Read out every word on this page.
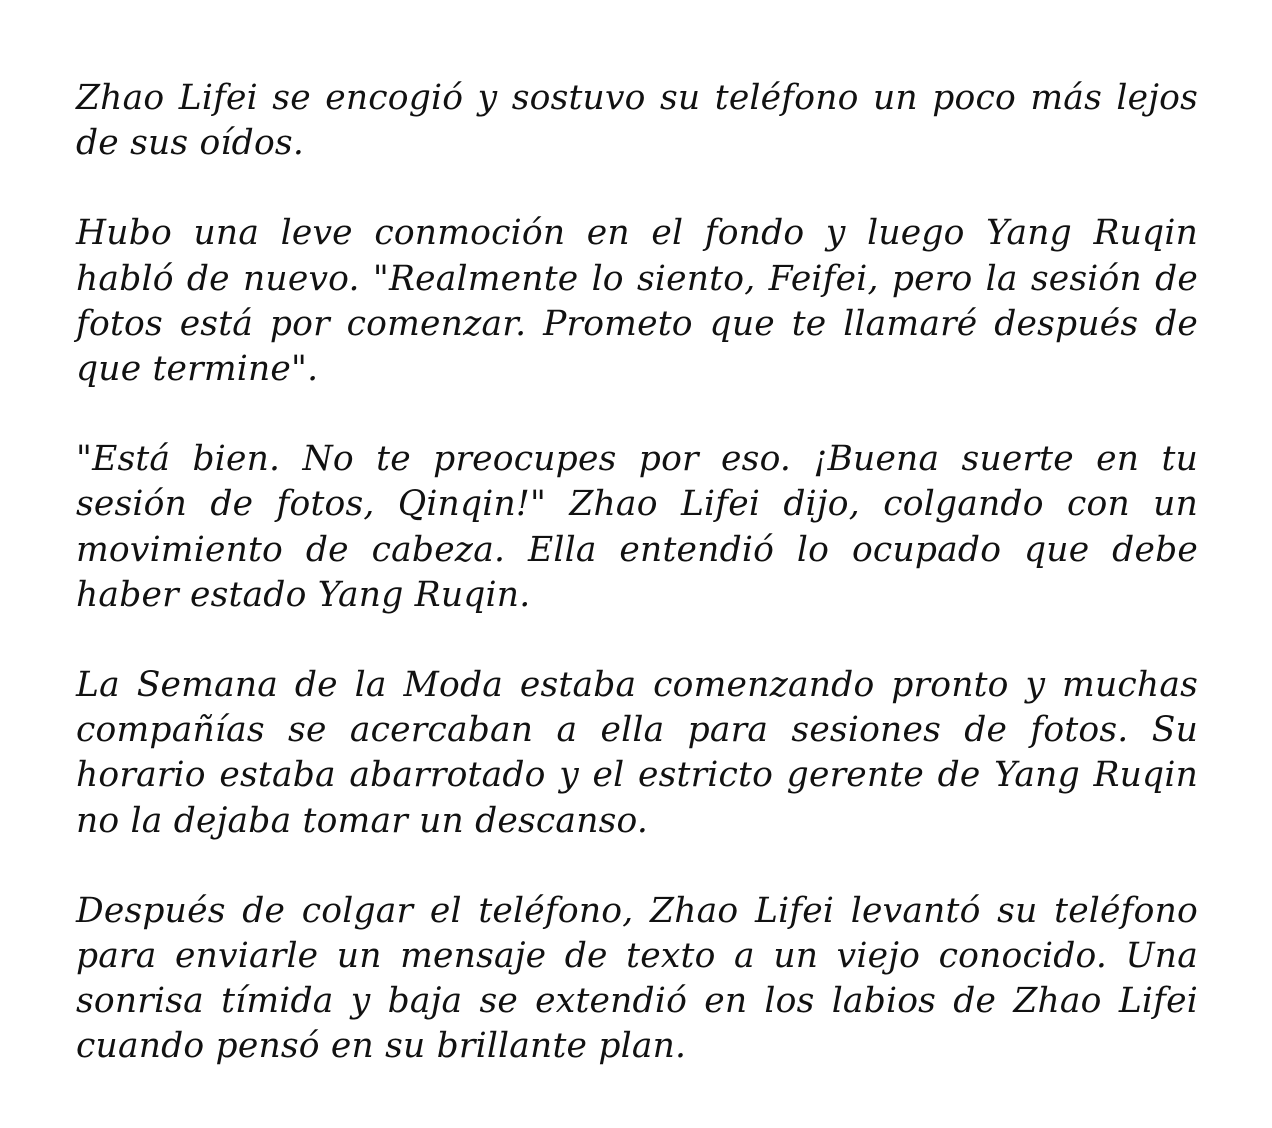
Zhao Lifei se encogió y sostuvo su teléfono un poco más lejos de sus oídos.

Hubo una leve conmoción en el fondo y luego Yang Ruqin habló de nuevo. "Realmente lo siento, Feifei, pero la sesión de fotos está por comenzar. Prometo que te llamaré después de que termine".

"Está bien. No te preocupes por eso. ¡Buena suerte en tu sesión de fotos, Qinqin!" Zhao Lifei dijo, colgando con un movimiento de cabeza. Ella entendió lo ocupado que debe haber estado Yang Ruqin.

La Semana de la Moda estaba comenzando pronto y muchas compañías se acercaban a ella para sesiones de fotos. Su horario estaba abarrotado y el estricto gerente de Yang Ruqin no la dejaba tomar un descanso.

Después de colgar el teléfono, Zhao Lifei levantó su teléfono para enviarle un mensaje de texto a un viejo conocido. Una sonrisa tímida y baja se extendió en los labios de Zhao Lifei cuando pensó en su brillante plan.
